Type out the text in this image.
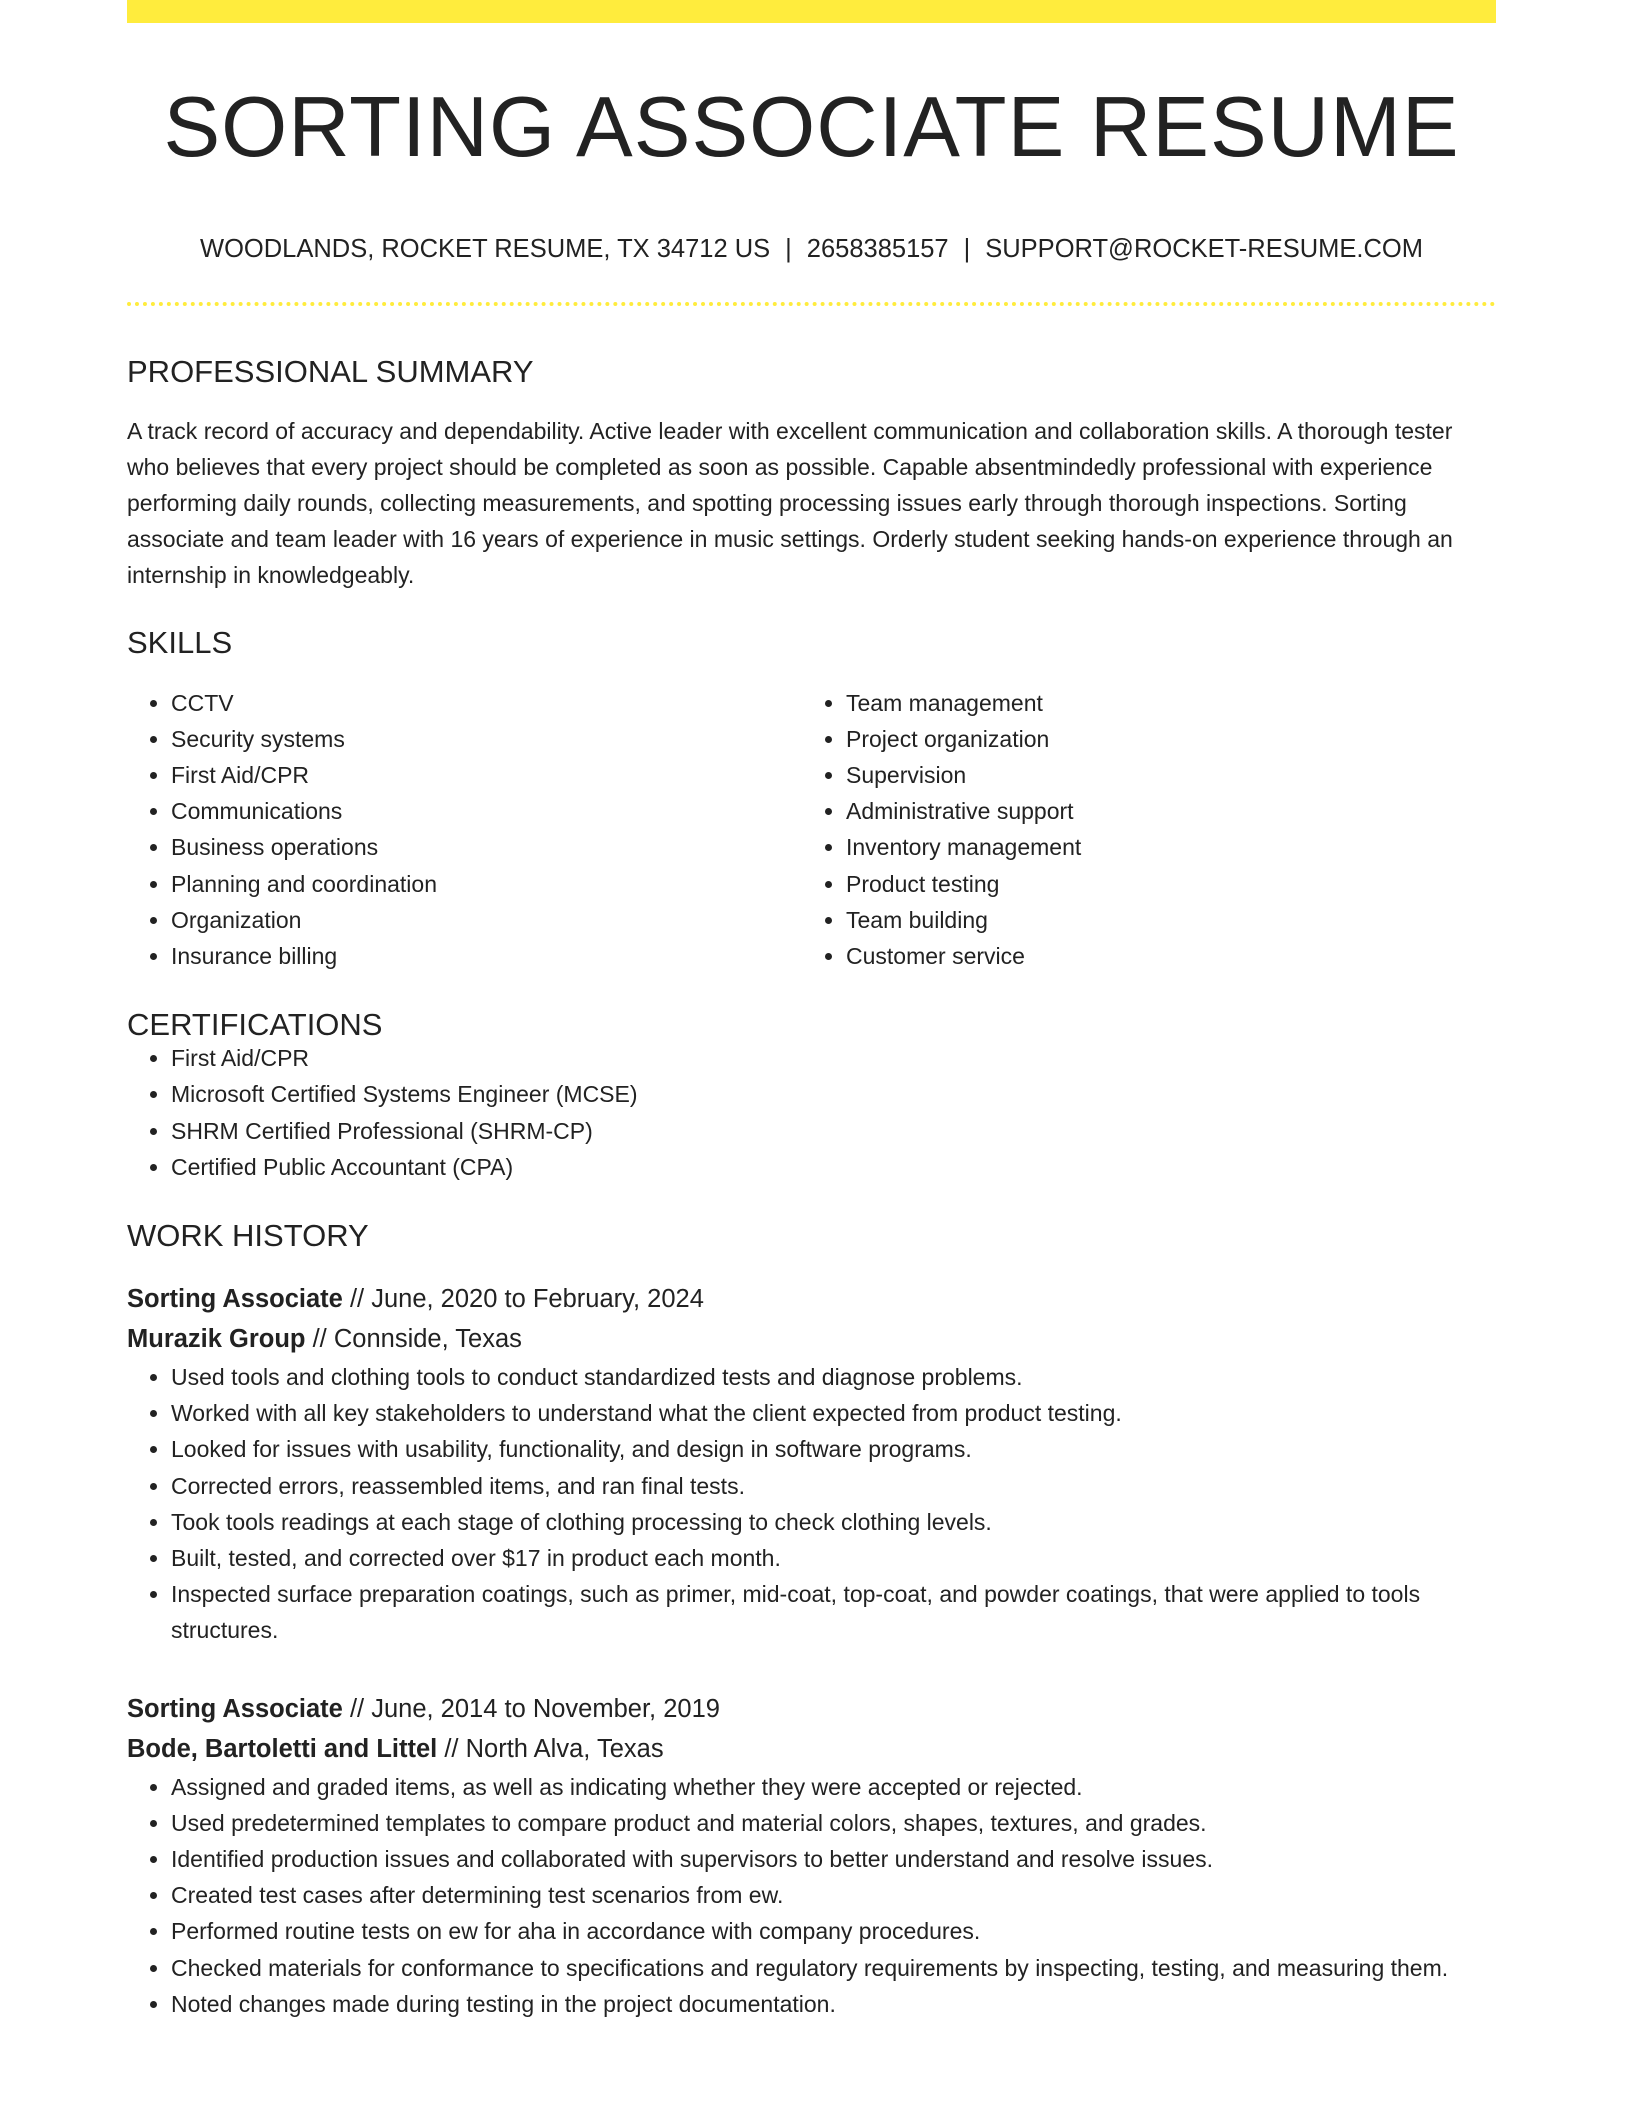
SORTING ASSOCIATE RESUME
WOODLANDS, ROCKET RESUME, TX 34712 US | 2658385157 | SUPPORT@ROCKET-RESUME.COM
PROFESSIONAL SUMMARY

A track record of accuracy and dependability. Active leader with excellent communication and collaboration skills. A thorough tester who believes that every project should be completed as soon as possible. Capable absentmindedly professional with experience performing daily rounds, collecting measurements, and spotting processing issues early through thorough inspections. Sorting associate and team leader with 16 years of experience in music settings. Orderly student seeking hands-on experience through an internship in knowledgeably.

SKILLS
• CCTV
• Security systems
• First Aid/CPR
• Communications
• Business operations
• Planning and coordination
• Organization
• Insurance billing
• Team management
• Project organization
• Supervision
• Administrative support
• Inventory management
• Product testing
• Team building
• Customer service
CERTIFICATIONS
• First Aid/CPR
• Microsoft Certified Systems Engineer (MCSE)
• SHRM Certified Professional (SHRM-CP)
• Certified Public Accountant (CPA)
WORK HISTORY
Sorting Associate // June, 2020 to February, 2024
Murazik Group // Connside, Texas
• Used tools and clothing tools to conduct standardized tests and diagnose problems.
• Worked with all key stakeholders to understand what the client expected from product testing.
• Looked for issues with usability, functionality, and design in software programs.
• Corrected errors, reassembled items, and ran final tests.
• Took tools readings at each stage of clothing processing to check clothing levels.
• Built, tested, and corrected over $17 in product each month.
• Inspected surface preparation coatings, such as primer, mid-coat, top-coat, and powder coatings, that were applied to tools structures.
Sorting Associate // June, 2014 to November, 2019
Bode, Bartoletti and Littel // North Alva, Texas
• Assigned and graded items, as well as indicating whether they were accepted or rejected.
• Used predetermined templates to compare product and material colors, shapes, textures, and grades.
• Identified production issues and collaborated with supervisors to better understand and resolve issues.
• Created test cases after determining test scenarios from ew.
• Performed routine tests on ew for aha in accordance with company procedures.
• Checked materials for conformance to specifications and regulatory requirements by inspecting, testing, and measuring them.
• Noted changes made during testing in the project documentation.
